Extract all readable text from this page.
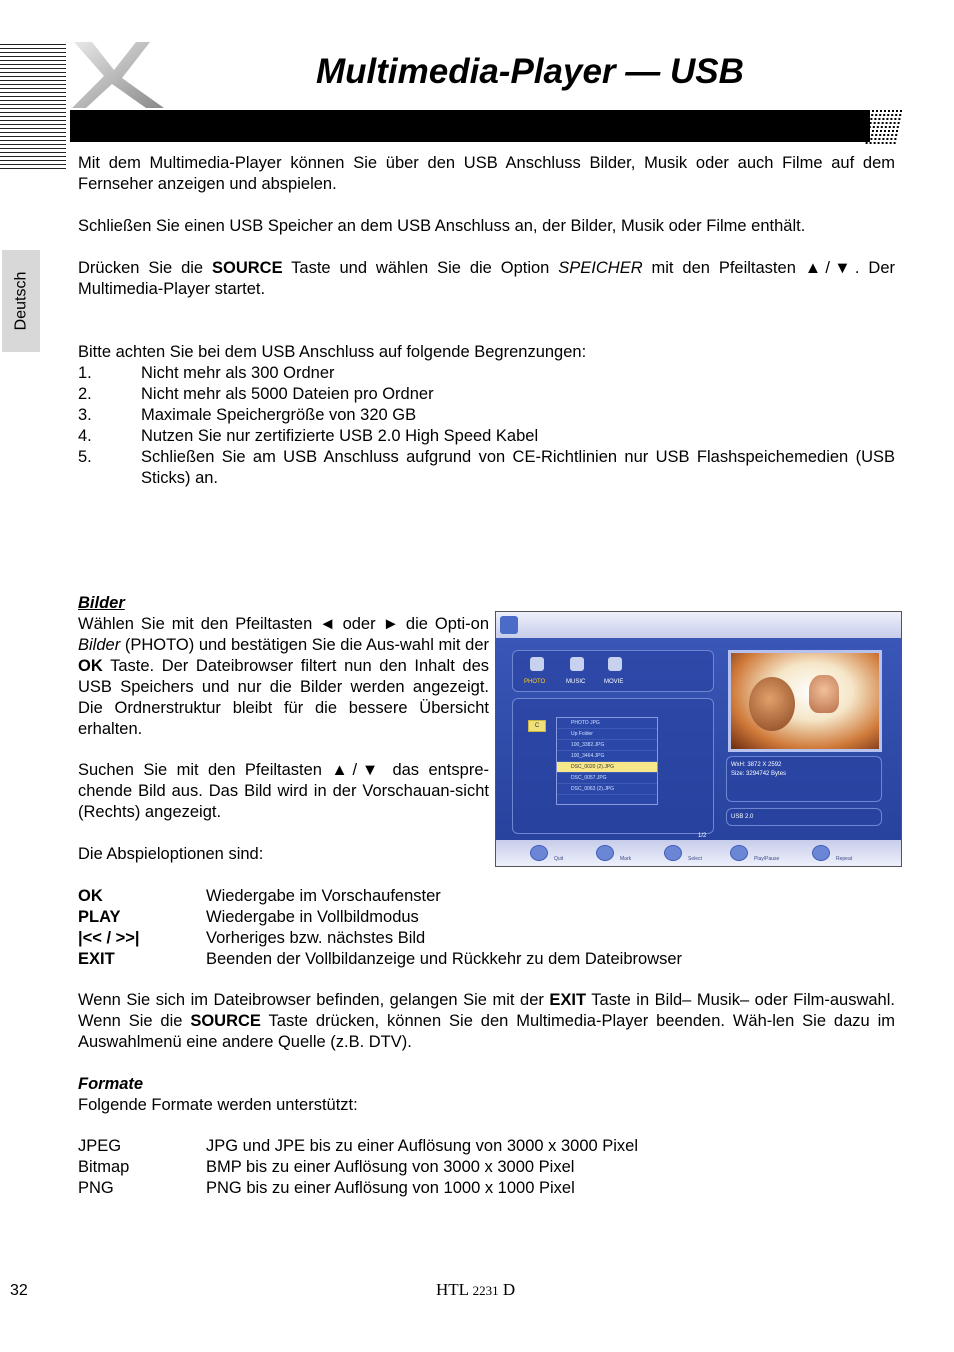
Multimedia-Player — USB
Deutsch
Mit dem Multimedia-Player können Sie über den USB Anschluss Bilder, Musik oder auch Filme auf dem Fernseher anzeigen und abspielen.
Schließen Sie einen USB Speicher an dem USB Anschluss an, der Bilder, Musik oder Filme enthält.
Drücken Sie die SOURCE Taste und wählen Sie die Option SPEICHER mit den Pfeiltasten ▲/▼. Der Multimedia-Player startet.
Bitte achten Sie bei dem USB Anschluss auf folgende Begrenzungen:
1.	Nicht mehr als 300 Ordner
2.	Nicht mehr als 5000 Dateien pro Ordner
3.	Maximale Speichergröße von 320 GB
4.	Nutzen Sie nur zertifizierte USB 2.0 High Speed Kabel
5.	Schließen Sie am USB Anschluss aufgrund von CE-Richtlinien nur USB Flashspeichemedien (USB Sticks) an.
Bilder
Wählen Sie mit den Pfeiltasten ◄ oder ► die Opti-on Bilder (PHOTO) und bestätigen Sie die Aus-wahl mit der OK Taste. Der Dateibrowser filtert nun den Inhalt des USB Speichers und nur die Bilder werden angezeigt. Die Ordnerstruktur bleibt für die bessere Übersicht erhalten.
Suchen Sie mit den Pfeiltasten ▲/▼ das entspre-chende Bild aus. Das Bild wird in der Vorschauan-sicht (Rechts) angezeigt.
Die Abspieloptionen sind:
PHOTO	MUSIC	MOVIE
C	PHOTO JPG
Up Folder
100_3382.JPG
100_3464.JPG
DSC_0020 (2).JPG
DSC_0057.JPG
DSC_0063 (2).JPG
1/2
WxH: 3872 X 2592
Size: 3294742 Bytes
USB 2.0
Quit	Mark	Select	Play/Pause	Repeat
OK	Wiedergabe im Vorschaufenster
PLAY	Wiedergabe in Vollbildmodus
|<< / >>|	Vorheriges bzw. nächstes Bild
EXIT	Beenden der Vollbildanzeige und Rückkehr zu dem Dateibrowser
Wenn Sie sich im Dateibrowser befinden, gelangen Sie mit der EXIT Taste in Bild– Musik– oder Film-auswahl. Wenn Sie die SOURCE Taste drücken, können Sie den Multimedia-Player beenden. Wäh-len Sie dazu im Auswahlmenü eine andere Quelle (z.B. DTV).
Formate
Folgende Formate werden unterstützt:
JPEG	JPG und JPE bis zu einer Auflösung von 3000 x 3000 Pixel
Bitmap	BMP bis zu einer Auflösung von 3000 x 3000 Pixel
PNG	PNG bis zu einer Auflösung von 1000 x 1000 Pixel
32	HTL 2231 D
